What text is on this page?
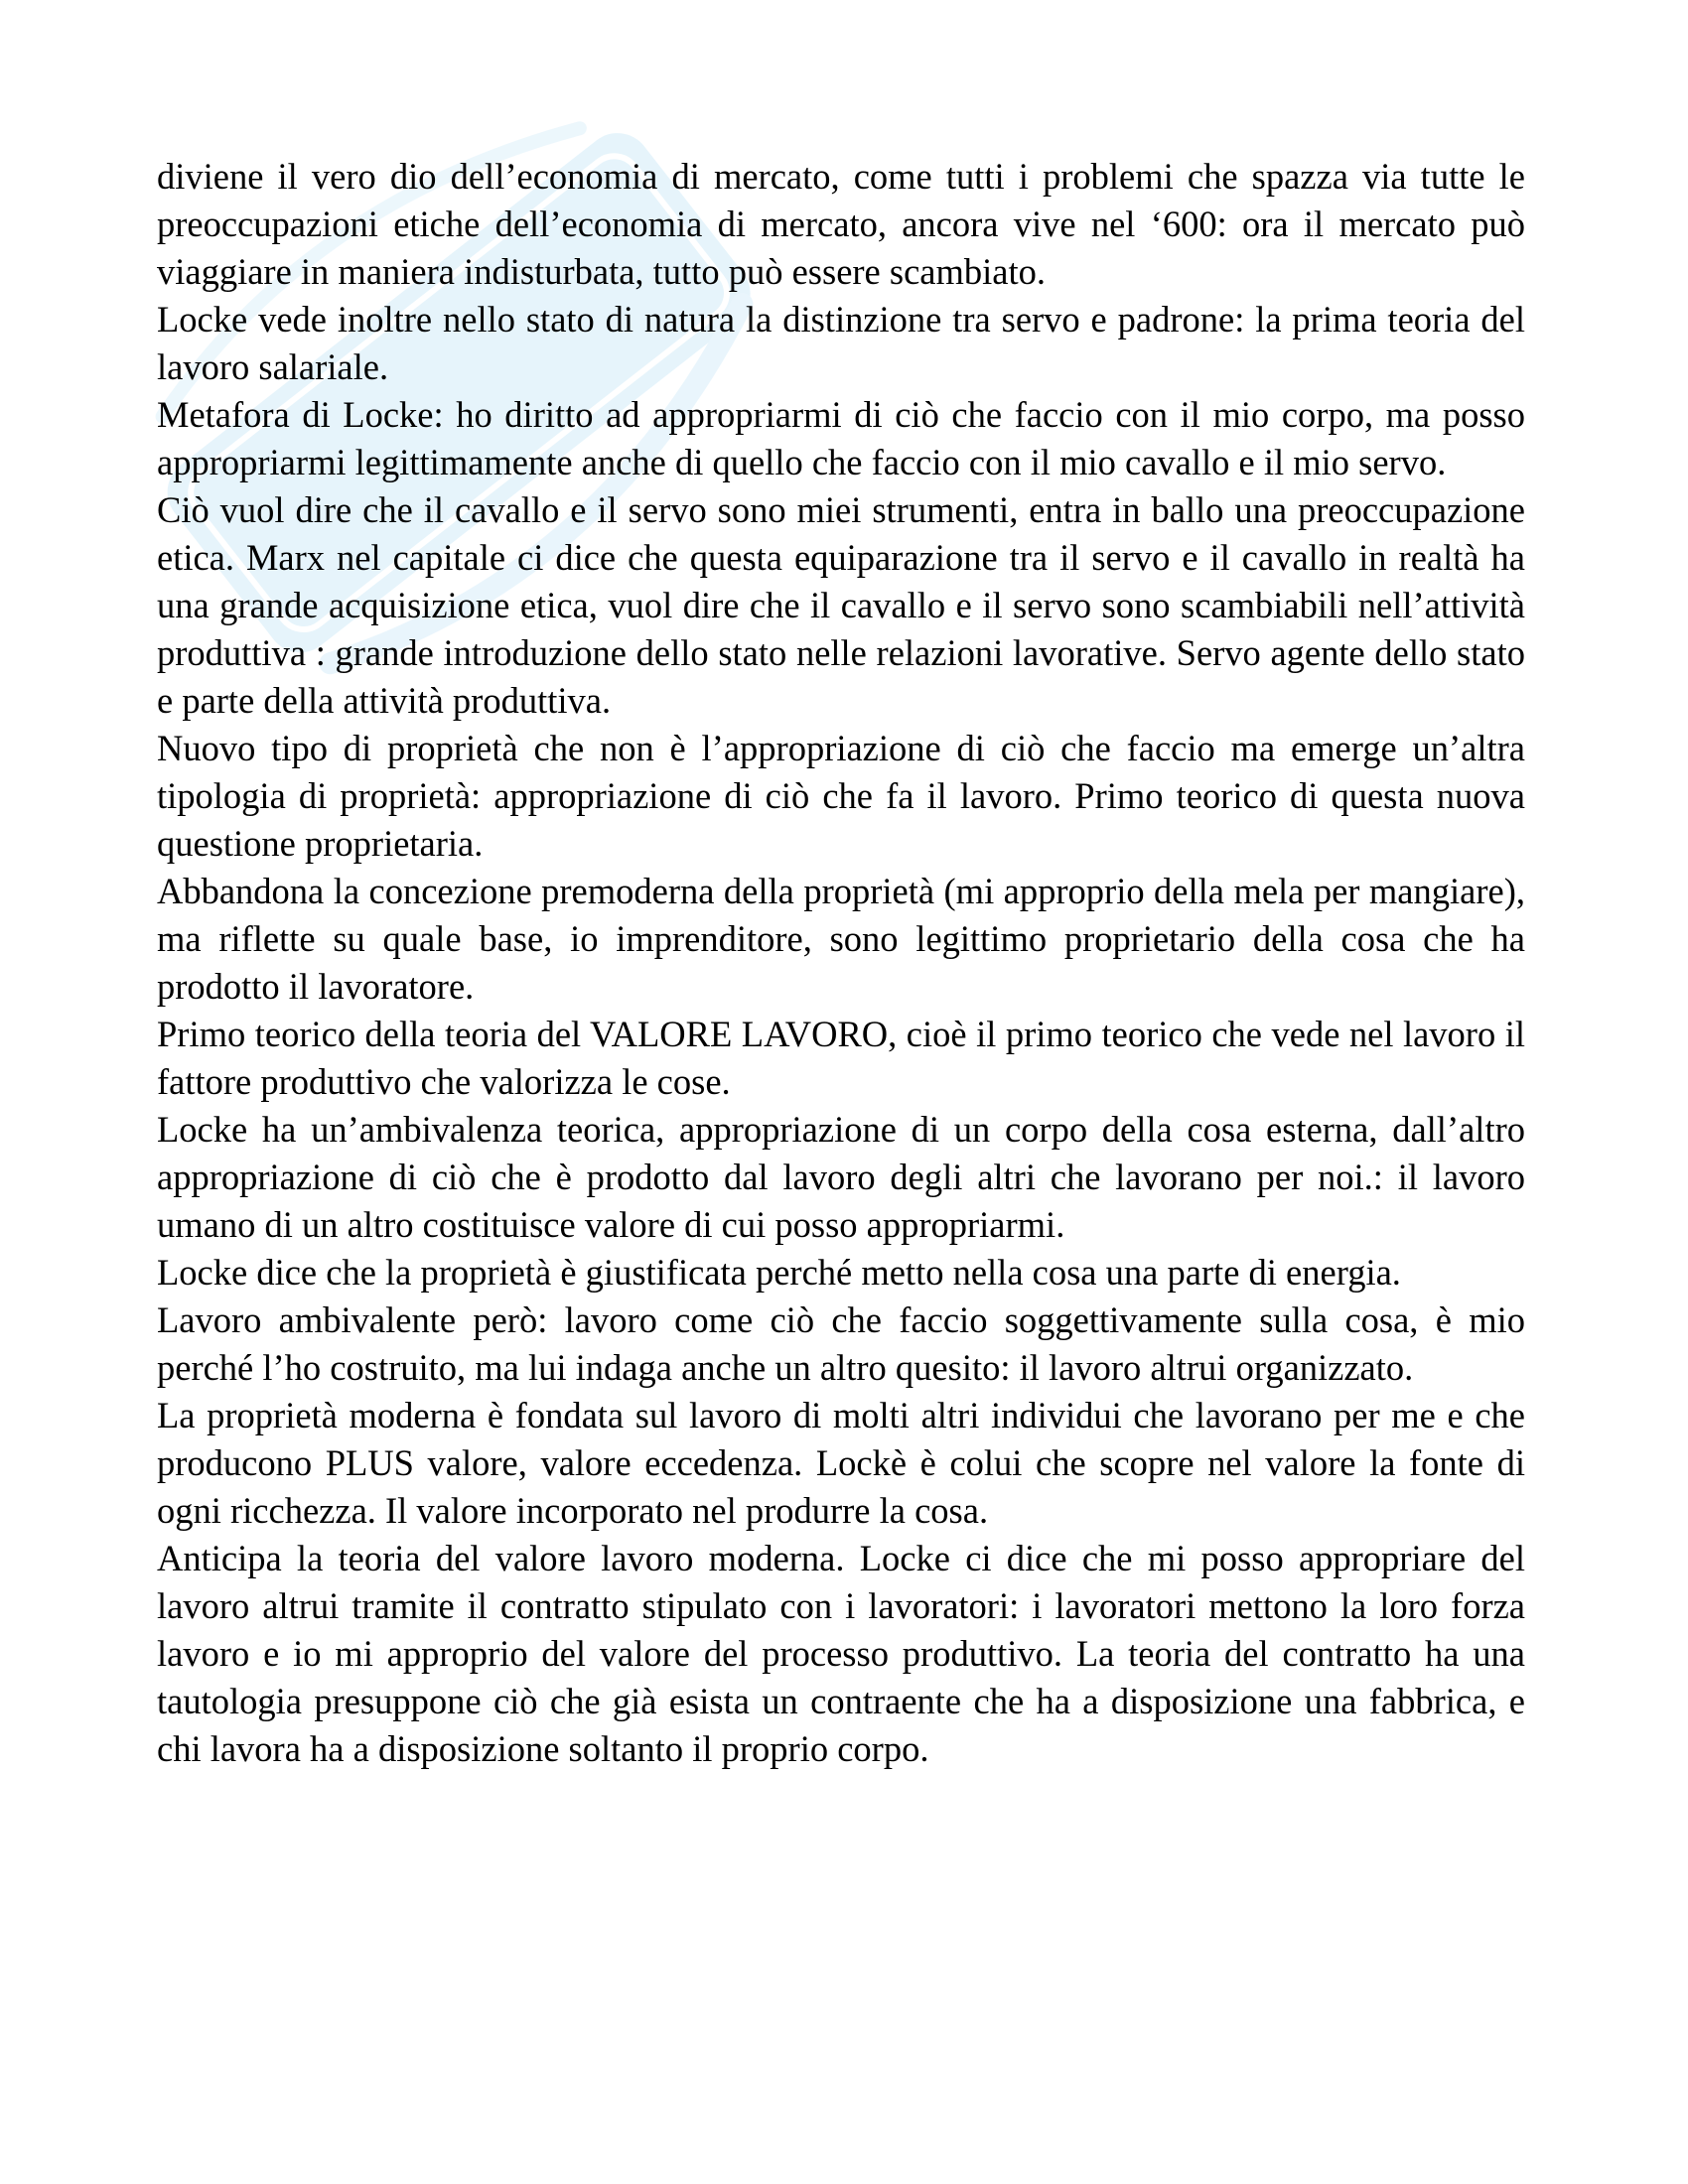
diviene il vero dio dell’economia di mercato, come tutti i problemi che spazza via tutte le preoccupazioni etiche dell’economia di mercato, ancora vive nel ‘600: ora il mercato può viaggiare in maniera indisturbata, tutto può essere scambiato.

Locke vede inoltre nello stato di natura la distinzione tra servo e padrone: la prima teoria del lavoro salariale.

Metafora di Locke: ho diritto ad appropriarmi di ciò che faccio con il mio corpo, ma posso appropriarmi legittimamente anche di quello che faccio con il mio cavallo e il mio servo.

Ciò vuol dire che il cavallo e il servo sono miei strumenti, entra in ballo una preoccupazione etica. Marx nel capitale ci dice che questa equiparazione tra il servo e il cavallo in realtà ha una grande acquisizione etica, vuol dire che il cavallo e il servo sono scambiabili nell’attività produttiva : grande introduzione dello stato nelle relazioni lavorative. Servo agente dello stato e parte della attività produttiva.

Nuovo tipo di proprietà che non è l’appropriazione di ciò che faccio ma emerge un’altra tipologia di proprietà: appropriazione di ciò che fa il lavoro. Primo teorico di questa nuova questione proprietaria.

Abbandona la concezione premoderna della proprietà (mi approprio della mela per mangiare), ma riflette su quale base, io imprenditore, sono legittimo proprietario della cosa che ha prodotto il lavoratore.

Primo teorico della teoria del VALORE LAVORO, cioè il primo teorico che vede nel lavoro il fattore produttivo che valorizza le cose.

Locke ha un’ambivalenza teorica, appropriazione di un corpo della cosa esterna, dall’altro appropriazione di ciò che è prodotto dal lavoro degli altri che lavorano per noi.: il lavoro umano di un altro costituisce valore di cui posso appropriarmi.

Locke dice che la proprietà è giustificata perché metto nella cosa una parte di energia.

Lavoro ambivalente però: lavoro come ciò che faccio soggettivamente sulla cosa, è mio perché l’ho costruito, ma lui indaga anche un altro quesito: il lavoro altrui organizzato.

La proprietà moderna è fondata sul lavoro di molti altri individui che lavorano per me e che producono PLUS valore, valore eccedenza. Lockè è colui che scopre nel valore la fonte di ogni ricchezza. Il valore incorporato nel produrre la cosa.

Anticipa la teoria del valore lavoro moderna. Locke ci dice che mi posso appropriare del lavoro altrui tramite il contratto stipulato con i lavoratori: i lavoratori mettono la loro forza lavoro e io mi approprio del valore del processo produttivo. La teoria del contratto ha una tautologia presuppone ciò che già esista un contraente che ha a disposizione una fabbrica, e chi lavora ha a disposizione soltanto il proprio corpo.
